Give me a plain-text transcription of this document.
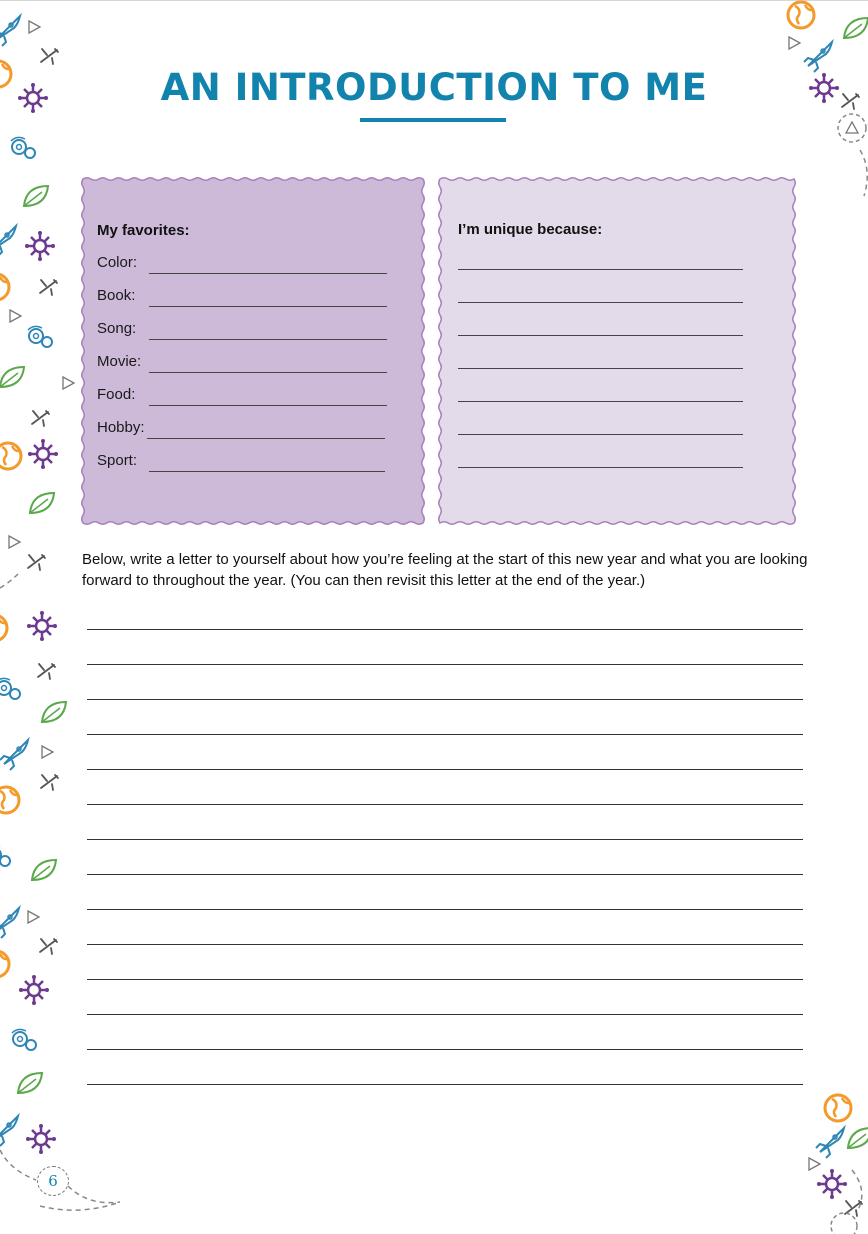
AN INTRODUCTION TO ME
My favorites:
Color:
Book:
Song:
Movie:
Food:
Hobby:
Sport:
I’m unique because:

Below, write a letter to yourself about how you’re feeling at the start of this new year and what you are looking forward to throughout the year. (You can then revisit this letter at the end of the year.)

6
